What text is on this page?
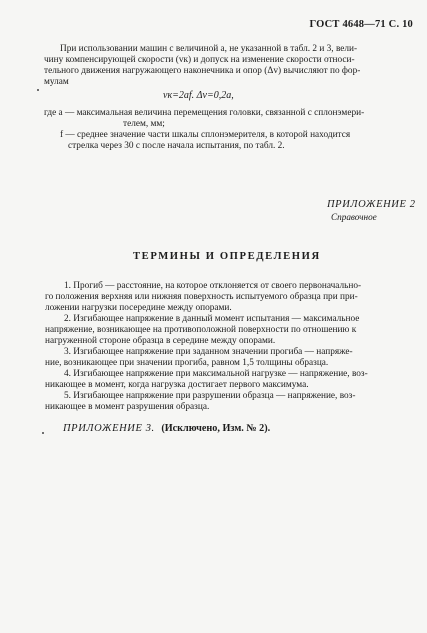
ГОСТ 4648—71 С. 10
При использовании машин с величиной а, не указанной в табл. 2 и 3, вели-
чину компенсирующей скорости (vк) и допуск на изменение скорости относи-
тельного движения нагружающего наконечника и опор (Δv) вычисляют по фор-
мулам
vк=2af. Δv=0,2a,
где а — максимальная величина перемещения головки, связанной с сплонэмери-
телем, мм;
f — среднее значение части шкалы сплонэмерителя, в которой находится
стрелка через 30 с после начала испытания, по табл. 2.
ПРИЛОЖЕНИЕ 2
Справочное
ТЕРМИНЫ И ОПРЕДЕЛЕНИЯ
1. Прогиб — расстояние, на которое отклоняется от своего первоначально-
го положения верхняя или нижняя поверхность испытуемого образца при при-
ложении нагрузки посередине между опорами.
2. Изгибающее напряжение в данный момент испытания — максимальное
напряжение, возникающее на противоположной поверхности по отношению к
нагруженной стороне образца в середине между опорами.
3. Изгибающее напряжение при заданном значении прогиба — напряже-
ние, возникающее при значении прогиба, равном 1,5 толщины образца.
4. Изгибающее напряжение при максимальной нагрузке — напряжение, воз-
никающее в момент, когда нагрузка достигает первого максимума.
5. Изгибающее напряжение при разрушении образца — напряжение, воз-
никающее в момент разрушения образца.
ПРИЛОЖЕНИЕ 3. (Исключено, Изм. № 2).
